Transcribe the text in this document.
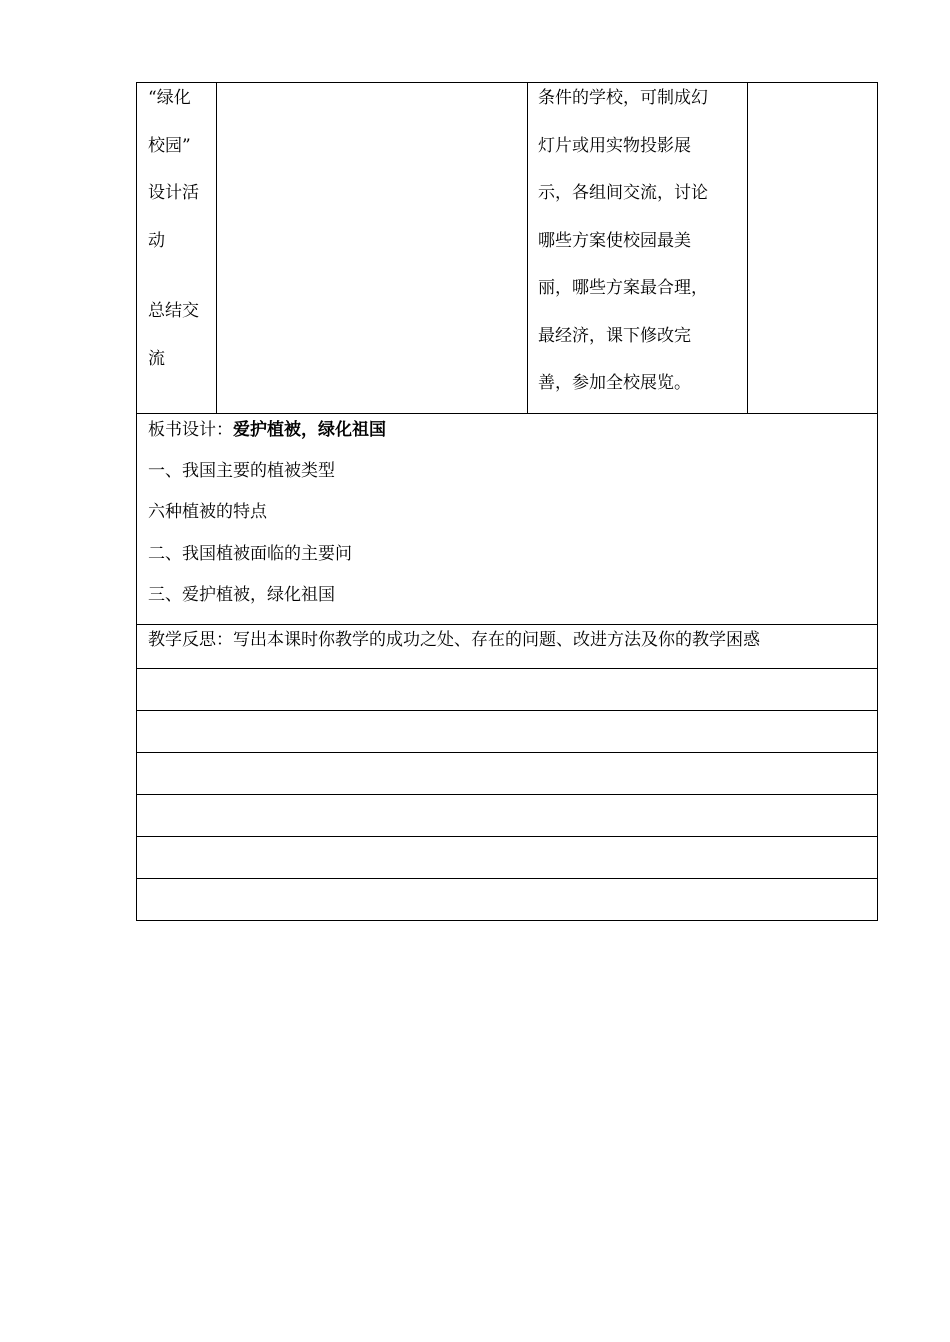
“绿化
校园”
设计活
动
总结交
流
条件的学校，可制成幻
灯片或用实物投影展
示，各组间交流，讨论
哪些方案使校园最美
丽，哪些方案最合理，
最经济，课下修改完
善，参加全校展览。
板书设计：爱护植被，绿化祖国
一、我国主要的植被类型
六种植被的特点
二、我国植被面临的主要问
三、爱护植被，绿化祖国
教学反思：写出本课时你教学的成功之处、存在的问题、改进方法及你的教学困惑
